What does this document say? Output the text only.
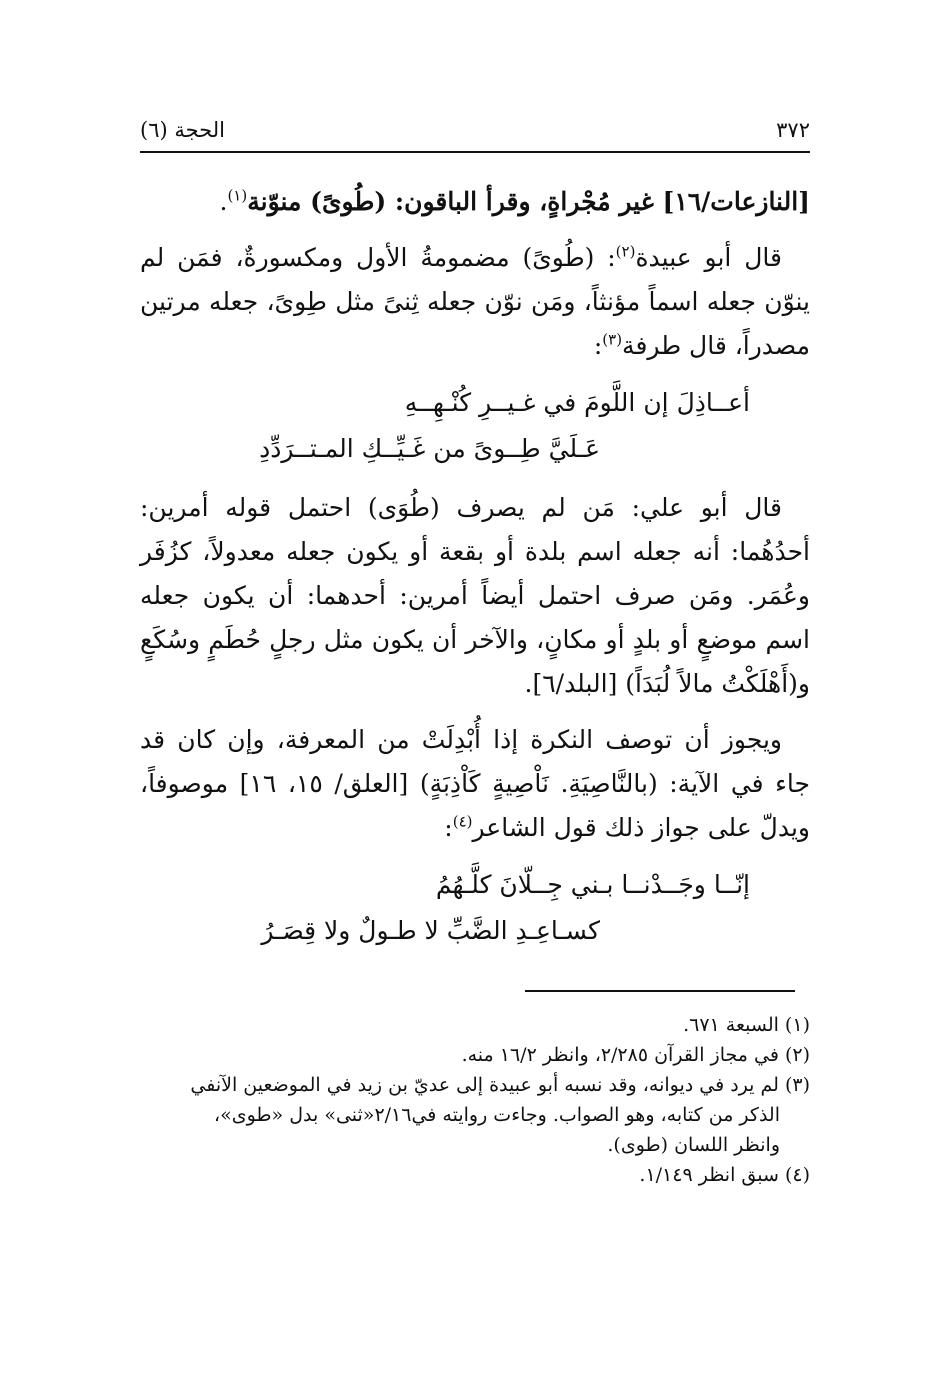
٣٧٢
الحجة (٦)

[النازعات/١٦] غير مُجْراةٍ، وقرأ الباقون: (طُوىً) منوّنة$^{(١)}$.

قال أبو عبيدة$^{(٢)}$: (طُوىً) مضمومةُ الأول ومكسورةٌ، فمَن لم ينوّن جعله اسماً مؤنثاً، ومَن نوّن جعله ثِنىً مثل طِوىً، جعله مرتين مصدراً، قال طرفة$^{(٣)}$:

أعــاذِلَ إن اللَّومَ في غـيــرِ كُنْـهِــهِ
عَـلَيَّ طِــوىً من غَـيِّــكِ المـتــرَدِّدِ

قال أبو علي: مَن لم يصرف (طُوَى) احتمل قوله أمرين: أحدُهُما: أنه جعله اسم بلدة أو بقعة أو يكون جعله معدولاً، كزُفَر وعُمَر. ومَن صرف احتمل أيضاً أمرين: أحدهما: أن يكون جعله اسم موضعٍ أو بلدٍ أو مكانٍ، والآخر أن يكون مثل رجلٍ حُطَمٍ وسُكَعٍ و(أَهْلَكْتُ مالاً لُبَدَاً) [البلد/٦].

ويجوز أن توصف النكرة إذا أُبْدِلَتْ من المعرفة، وإن كان قد جاء في الآية: (بالنَّاصِيَةِ. نَاْصِيةٍ كَاْذِبَةٍ) [العلق/ ١٥، ١٦] موصوفاً، ويدلّ على جواز ذلك قول الشاعر$^{(٤)}$:

إنّــا وجَــدْنــا بـني جِــلّانَ كلَّـهُمُ
كسـاعِـدِ الضَّبِّ لا طـولٌ ولا قِصَـرُ

(١) السبعة ٦٧١.

(٢) في مجاز القرآن ٢/٢٨٥، وانظر ١٦/٢ منه.

(٣) لم يرد في ديوانه، وقد نسبه أبو عبيدة إلى عديّ بن زيد في الموضعين الآنفي

الذكر من كتابه، وهو الصواب. وجاءت روايته في٢/١٦«ثنى» بدل «طوى»،

وانظر اللسان (طوى).

(٤) سبق انظر ١/١٤٩.
